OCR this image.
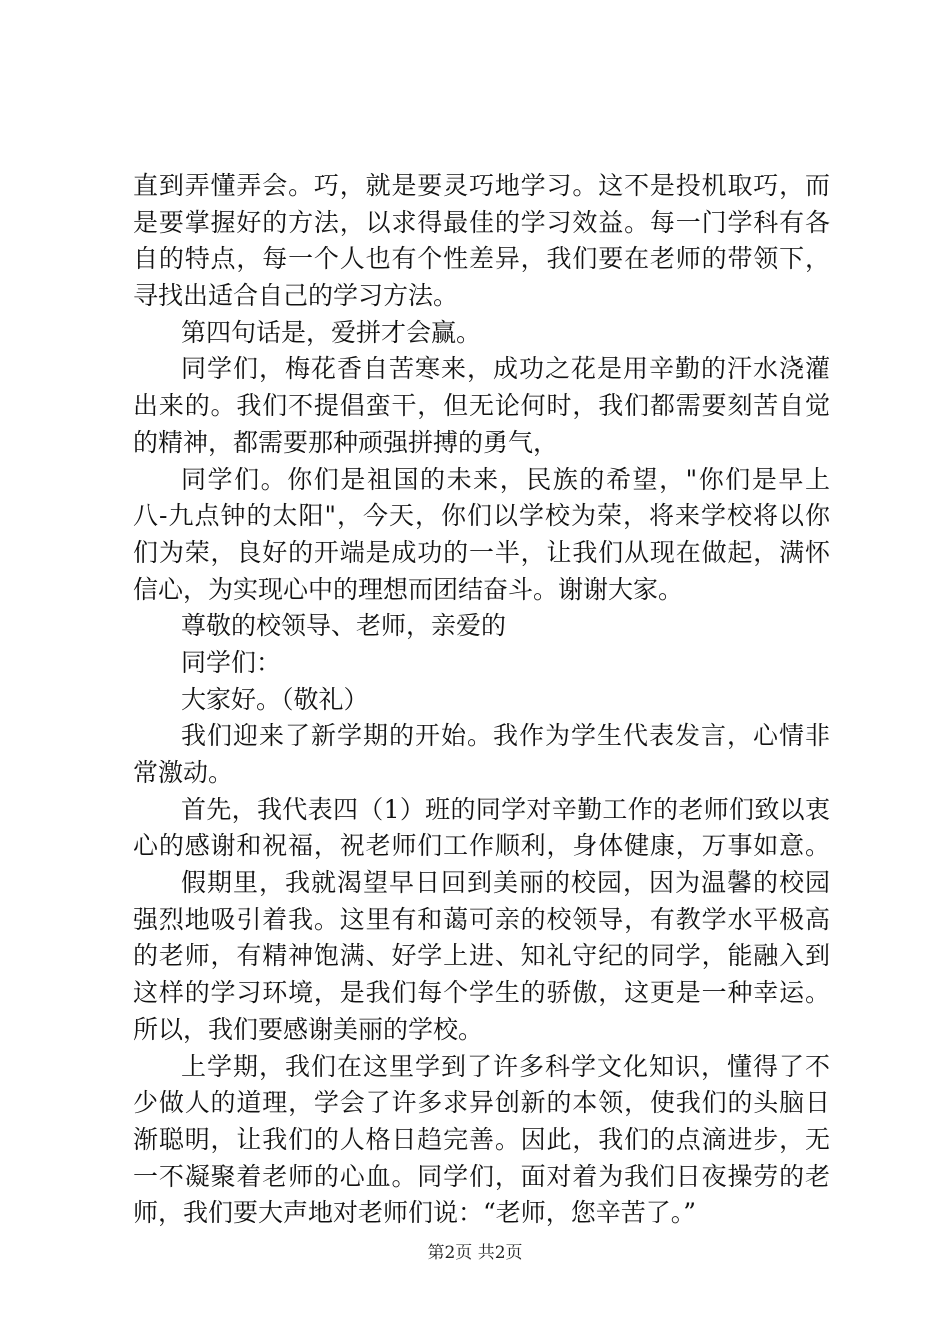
直到弄懂弄会。巧，就是要灵巧地学习。这不是投机取巧，而
是要掌握好的方法，以求得最佳的学习效益。每一门学科有各
自的特点，每一个人也有个性差异，我们要在老师的带领下，
寻找出适合自己的学习方法。
第四句话是，爱拼才会赢。
同学们，梅花香自苦寒来，成功之花是用辛勤的汗水浇灌
出来的。我们不提倡蛮干，但无论何时，我们都需要刻苦自觉
的精神，都需要那种顽强拼搏的勇气，
同学们。你们是祖国的未来，民族的希望，"你们是早上
八-九点钟的太阳"，今天，你们以学校为荣，将来学校将以你
们为荣，良好的开端是成功的一半，让我们从现在做起，满怀
信心，为实现心中的理想而团结奋斗。谢谢大家。
尊敬的校领导、老师，亲爱的
同学们：
大家好。（敬礼）
我们迎来了新学期的开始。我作为学生代表发言，心情非
常激动。
首先，我代表四（1）班的同学对辛勤工作的老师们致以衷
心的感谢和祝福，祝老师们工作顺利，身体健康，万事如意。
假期里，我就渴望早日回到美丽的校园，因为温馨的校园
强烈地吸引着我。这里有和蔼可亲的校领导，有教学水平极高
的老师，有精神饱满、好学上进、知礼守纪的同学，能融入到
这样的学习环境，是我们每个学生的骄傲，这更是一种幸运。
所以，我们要感谢美丽的学校。
上学期，我们在这里学到了许多科学文化知识，懂得了不
少做人的道理，学会了许多求异创新的本领，使我们的头脑日
渐聪明，让我们的人格日趋完善。因此，我们的点滴进步，无
一不凝聚着老师的心血。同学们，面对着为我们日夜操劳的老
师，我们要大声地对老师们说：“老师，您辛苦了。”
第2页 共2页
